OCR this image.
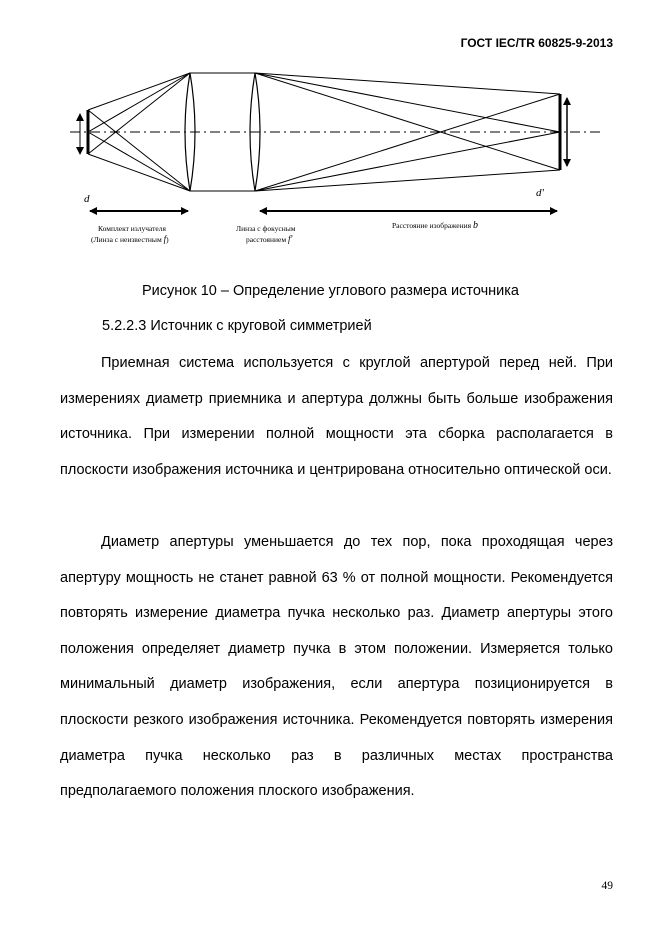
ГОСТ IEC/TR 60825-9-2013
d	d'
Комплект излучателя
(Линза с неизвестным f)
Линза с фокусным
расстоянием f'
Расстояние изображения b
Рисунок 10 – Определение углового размера источника
5.2.2.3 Источник с круговой симметрией

Приемная система используется с круглой апертурой перед ней. При измерениях диаметр приемника и апертура должны быть больше изображения источника. При измерении полной мощности эта сборка располагается в плоскости изображения источника и центрирована относительно оптической оси.

Диаметр апертуры уменьшается до тех пор, пока проходящая через апертуру мощность не станет равной 63 % от полной мощности. Рекомендуется повторять измерение диаметра пучка несколько раз. Диаметр апертуры этого положения определяет диаметр пучка в этом положении. Измеряется только минимальный диаметр изображения, если апертура позиционируется в плоскости резкого изображения источника. Рекомендуется повторять измерения диаметра пучка несколько раз в различных местах пространства предполагаемого положения плоского изображения.

49
